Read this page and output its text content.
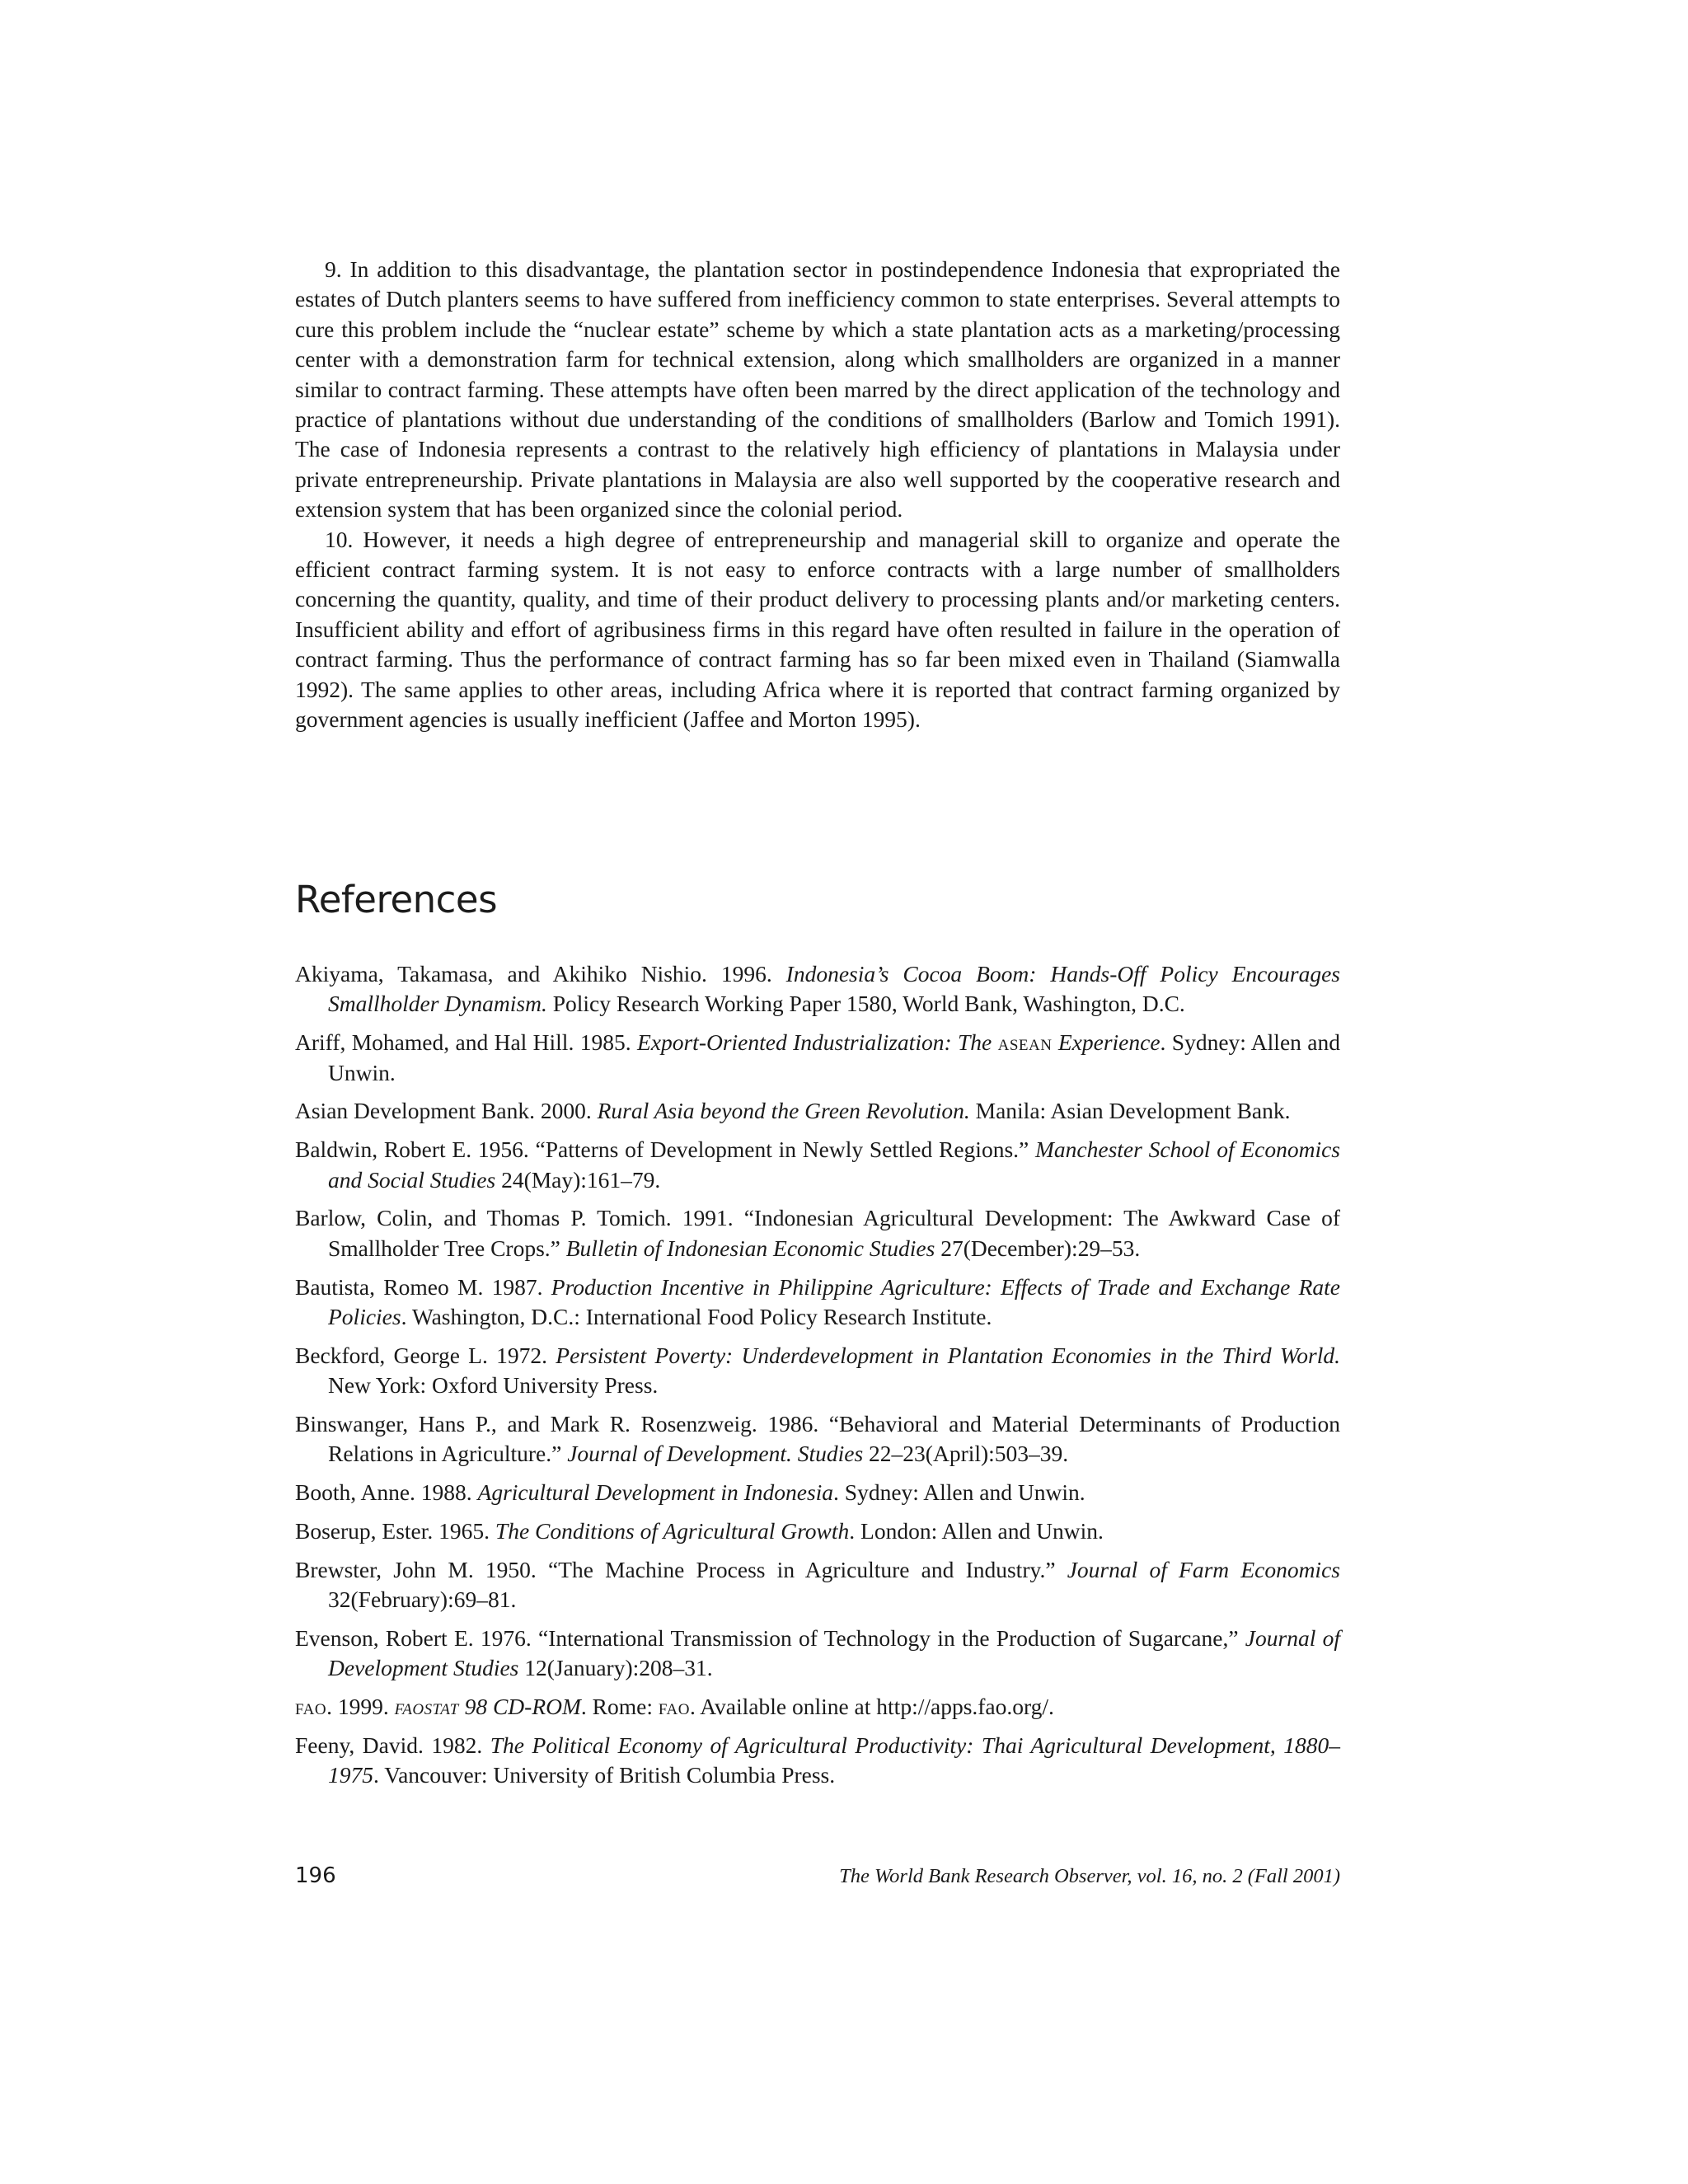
9. In addition to this disadvantage, the plantation sector in postindependence Indonesia that expropriated the estates of Dutch planters seems to have suffered from inefficiency common to state enterprises. Several attempts to cure this problem include the “nuclear estate” scheme by which a state plantation acts as a marketing/processing center with a demonstration farm for technical extension, along which smallholders are organized in a manner similar to contract farming. These attempts have often been marred by the direct application of the technology and practice of plantations without due understanding of the conditions of smallholders (Barlow and Tomich 1991). The case of Indonesia represents a contrast to the relatively high efficiency of plantations in Malaysia under private entrepreneurship. Private plantations in Malaysia are also well supported by the cooperative research and extension system that has been organized since the colonial period.

10. However, it needs a high degree of entrepreneurship and managerial skill to organize and operate the efficient contract farming system. It is not easy to enforce contracts with a large number of smallholders concerning the quantity, quality, and time of their product delivery to processing plants and/or marketing centers. Insufficient ability and effort of agribusiness firms in this regard have often resulted in failure in the operation of contract farming. Thus the performance of contract farming has so far been mixed even in Thailand (Siamwalla 1992). The same applies to other areas, including Africa where it is reported that contract farming organized by government agencies is usually inefficient (Jaffee and Morton 1995).

References
Akiyama, Takamasa, and Akihiko Nishio. 1996. Indonesia’s Cocoa Boom: Hands-Off Policy Encourages Smallholder Dynamism. Policy Research Working Paper 1580, World Bank, Washington, D.C.
Ariff, Mohamed, and Hal Hill. 1985. Export-Oriented Industrialization: The asean Experience. Sydney: Allen and Unwin.
Asian Development Bank. 2000. Rural Asia beyond the Green Revolution. Manila: Asian Development Bank.
Baldwin, Robert E. 1956. “Patterns of Development in Newly Settled Regions.” Manchester School of Economics and Social Studies 24(May):161–79.
Barlow, Colin, and Thomas P. Tomich. 1991. “Indonesian Agricultural Development: The Awkward Case of Smallholder Tree Crops.” Bulletin of Indonesian Economic Studies 27(December):29–53.
Bautista, Romeo M. 1987. Production Incentive in Philippine Agriculture: Effects of Trade and Exchange Rate Policies. Washington, D.C.: International Food Policy Research Institute.
Beckford, George L. 1972. Persistent Poverty: Underdevelopment in Plantation Economies in the Third World. New York: Oxford University Press.
Binswanger, Hans P., and Mark R. Rosenzweig. 1986. “Behavioral and Material Determinants of Production Relations in Agriculture.” Journal of Development. Studies 22–23(April):503–39.
Booth, Anne. 1988. Agricultural Development in Indonesia. Sydney: Allen and Unwin.
Boserup, Ester. 1965. The Conditions of Agricultural Growth. London: Allen and Unwin.
Brewster, John M. 1950. “The Machine Process in Agriculture and Industry.” Journal of Farm Economics 32(February):69–81.
Evenson, Robert E. 1976. “International Transmission of Technology in the Production of Sugarcane,” Journal of Development Studies 12(January):208–31.
fao. 1999. faostat 98 CD-ROM. Rome: fao. Available online at http://apps.fao.org/.
Feeny, David. 1982. The Political Economy of Agricultural Productivity: Thai Agricultural Development, 1880–1975. Vancouver: University of British Columbia Press.
196	The World Bank Research Observer, vol. 16, no. 2 (Fall 2001)
